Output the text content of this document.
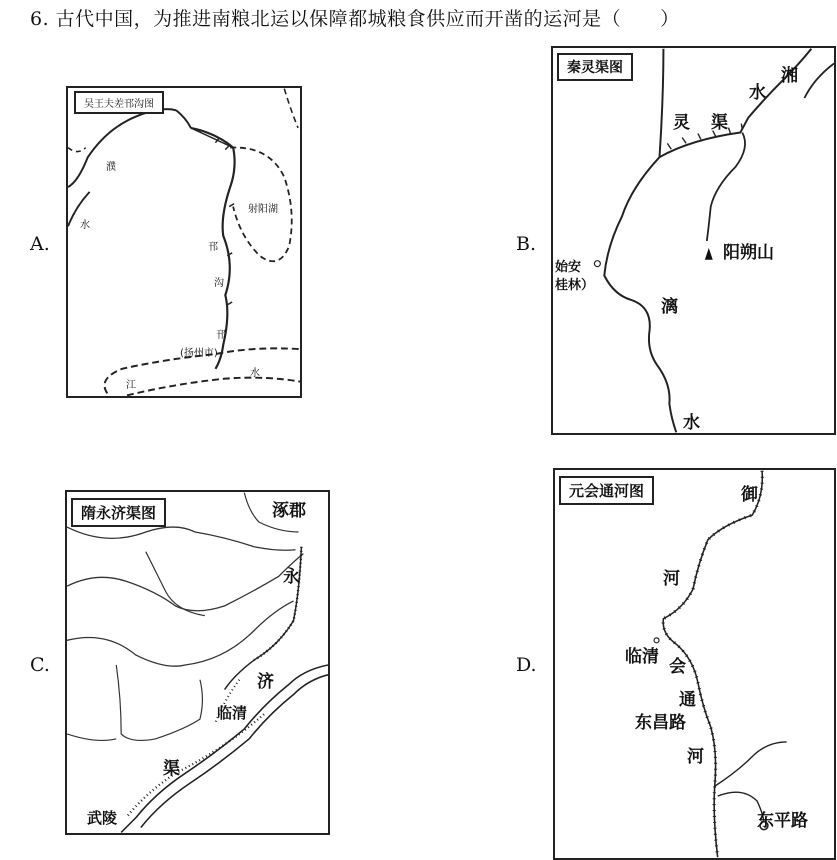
6. 古代中国，为推进南粮北运以保障都城粮食供应而开凿的运河是（　　）
A.
吴王夫差邗沟图
濮
水
射阳湖
邗
沟
邗
(扬州市)
江
水
B.
秦灵渠图	湘
水
灵 渠
阳朔山
始安
桂林）
漓
水
C.
隋永济渠图	涿郡
永
济
临清
渠
武陵
D.
元会通河图	御
河
临清 会
通
东昌路
河
东平路
